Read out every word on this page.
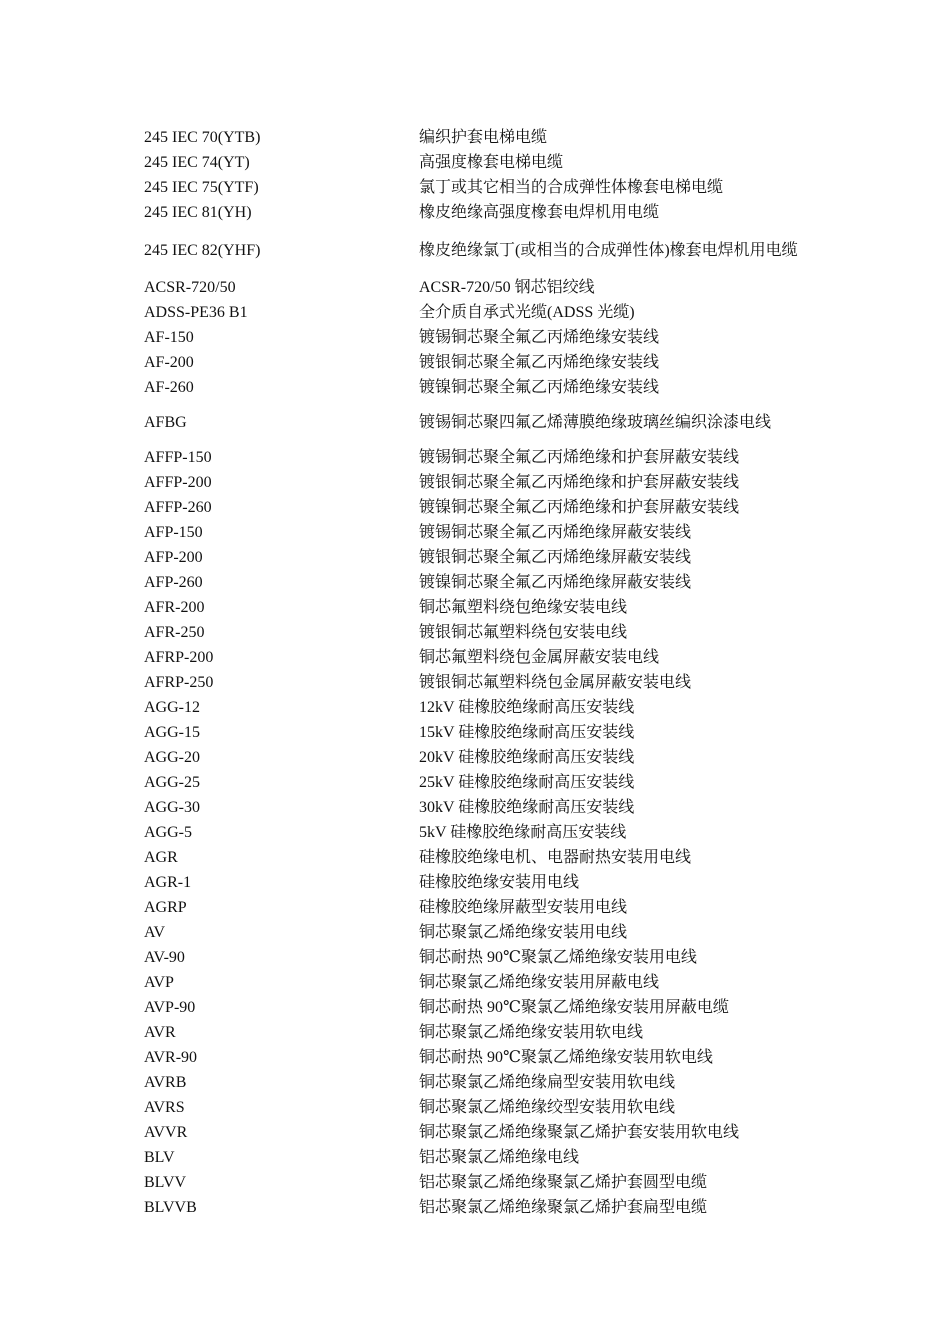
245 IEC 70(YTB)	编织护套电梯电缆
245 IEC 74(YT)	高强度橡套电梯电缆
245 IEC 75(YTF)	氯丁或其它相当的合成弹性体橡套电梯电缆
245 IEC 81(YH)	橡皮绝缘高强度橡套电焊机用电缆
245 IEC 82(YHF)	橡皮绝缘氯丁(或相当的合成弹性体)橡套电焊机用电缆
ACSR-720/50	ACSR-720/50 钢芯铝绞线
ADSS-PE36 B1	全介质自承式光缆(ADSS 光缆)
AF-150	镀锡铜芯聚全氟乙丙烯绝缘安装线
AF-200	镀银铜芯聚全氟乙丙烯绝缘安装线
AF-260	镀镍铜芯聚全氟乙丙烯绝缘安装线
AFBG	镀锡铜芯聚四氟乙烯薄膜绝缘玻璃丝编织涂漆电线
AFFP-150	镀锡铜芯聚全氟乙丙烯绝缘和护套屏蔽安装线
AFFP-200	镀银铜芯聚全氟乙丙烯绝缘和护套屏蔽安装线
AFFP-260	镀镍铜芯聚全氟乙丙烯绝缘和护套屏蔽安装线
AFP-150	镀锡铜芯聚全氟乙丙烯绝缘屏蔽安装线
AFP-200	镀银铜芯聚全氟乙丙烯绝缘屏蔽安装线
AFP-260	镀镍铜芯聚全氟乙丙烯绝缘屏蔽安装线
AFR-200	铜芯氟塑料绕包绝缘安装电线
AFR-250	镀银铜芯氟塑料绕包安装电线
AFRP-200	铜芯氟塑料绕包金属屏蔽安装电线
AFRP-250	镀银铜芯氟塑料绕包金属屏蔽安装电线
AGG-12	12kV 硅橡胶绝缘耐高压安装线
AGG-15	15kV 硅橡胶绝缘耐高压安装线
AGG-20	20kV 硅橡胶绝缘耐高压安装线
AGG-25	25kV 硅橡胶绝缘耐高压安装线
AGG-30	30kV 硅橡胶绝缘耐高压安装线
AGG-5	5kV 硅橡胶绝缘耐高压安装线
AGR	硅橡胶绝缘电机、电器耐热安装用电线
AGR-1	硅橡胶绝缘安装用电线
AGRP	硅橡胶绝缘屏蔽型安装用电线
AV	铜芯聚氯乙烯绝缘安装用电线
AV-90	铜芯耐热 90℃聚氯乙烯绝缘安装用电线
AVP	铜芯聚氯乙烯绝缘安装用屏蔽电线
AVP-90	铜芯耐热 90℃聚氯乙烯绝缘安装用屏蔽电缆
AVR	铜芯聚氯乙烯绝缘安装用软电线
AVR-90	铜芯耐热 90℃聚氯乙烯绝缘安装用软电线
AVRB	铜芯聚氯乙烯绝缘扁型安装用软电线
AVRS	铜芯聚氯乙烯绝缘绞型安装用软电线
AVVR	铜芯聚氯乙烯绝缘聚氯乙烯护套安装用软电线
BLV	铝芯聚氯乙烯绝缘电线
BLVV	铝芯聚氯乙烯绝缘聚氯乙烯护套圆型电缆
BLVVB	铝芯聚氯乙烯绝缘聚氯乙烯护套扁型电缆
